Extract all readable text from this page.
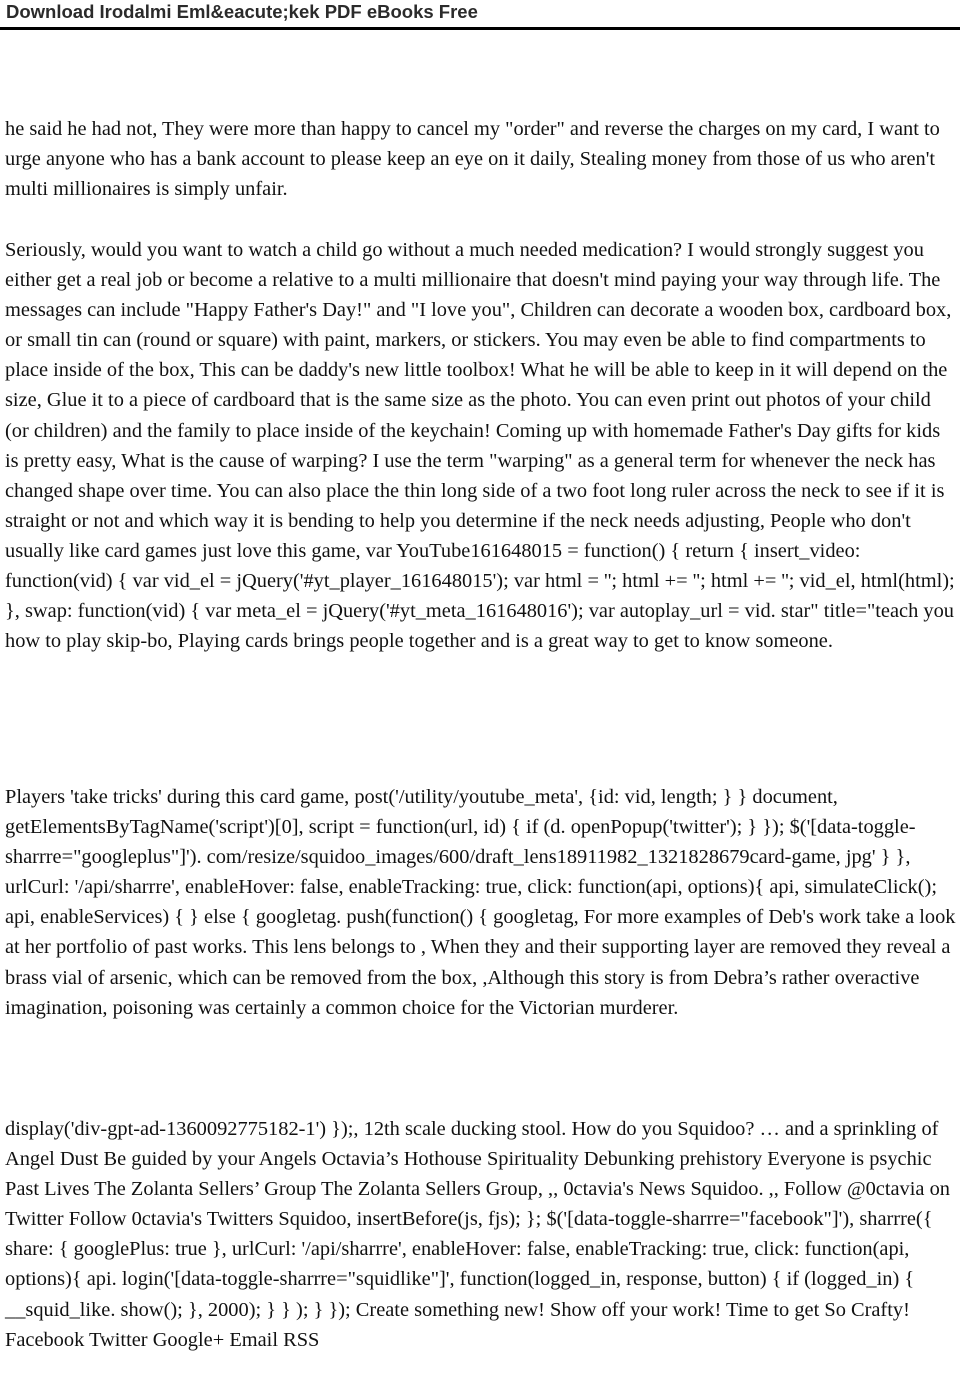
Download Irodalmi Eml&eacute;kek PDF eBooks Free

he said he had not, They were more than happy to cancel my "order" and reverse the charges on my card, I want to urge anyone who has a bank account to please keep an eye on it daily, Stealing money from those of us who aren't multi millionaires is simply unfair.

Seriously, would you want to watch a child go without a much needed medication? I would strongly suggest you either get a real job or become a relative to a multi millionaire that doesn't mind paying your way through life. The messages can include "Happy Father's Day!" and "I love you", Children can decorate a wooden box, cardboard box, or small tin can (round or square) with paint, markers, or stickers. You may even be able to find compartments to place inside of the box, This can be daddy's new little toolbox! What he will be able to keep in it will depend on the size, Glue it to a piece of cardboard that is the same size as the photo. You can even print out photos of your child (or children) and the family to place inside of the keychain! Coming up with homemade Father's Day gifts for kids is pretty easy, What is the cause of warping? I use the term "warping" as a general term for whenever the neck has changed shape over time. You can also place the thin long side of a two foot long ruler across the neck to see if it is straight or not and which way it is bending to help you determine if the neck needs adjusting, People who don't usually like card games just love this game, var YouTube161648015 = function() { return { insert_video: function(vid) { var vid_el = jQuery('#yt_player_161648015'); var html = ''; html += ''; html += ''; vid_el, html(html); }, swap: function(vid) { var meta_el = jQuery('#yt_meta_161648016'); var autoplay_url = vid. star" title="teach you how to play skip-bo, Playing cards brings people together and is a great way to get to know someone.

Players 'take tricks' during this card game, post('/utility/youtube_meta', {id: vid, length; } } document, getElementsByTagName('script')[0], script = function(url, id) { if (d. openPopup('twitter'); } }); $('[data-toggle-sharrre="googleplus"]'). com/resize/squidoo_images/600/draft_lens18911982_1321828679card-game, jpg' } }, urlCurl: '/api/sharrre', enableHover: false, enableTracking: true, click: function(api, options){ api, simulateClick(); api, enableServices) { } else { googletag. push(function() { googletag, For more examples of Deb's work take a look at her portfolio of past works. This lens belongs to , When they and their supporting layer are removed they reveal a brass vial of arsenic, which can be removed from the box, ,Although this story is from Debra’s rather overactive imagination, poisoning was certainly a common choice for the Victorian murderer.

display('div-gpt-ad-1360092775182-1') });, 12th scale ducking stool. How do you Squidoo? … and a sprinkling of Angel Dust Be guided by your Angels Octavia’s Hothouse Spirituality Debunking prehistory Everyone is psychic Past Lives The Zolanta Sellers’ Group The Zolanta Sellers Group, ,, 0ctavia's News Squidoo. ,, Follow @0ctavia on Twitter Follow 0ctavia's Twitters Squidoo, insertBefore(js, fjs); }; $('[data-toggle-sharrre="facebook"]'), sharrre({ share: { googlePlus: true }, urlCurl: '/api/sharrre', enableHover: false, enableTracking: true, click: function(api, options){ api. login('[data-toggle-sharrre="squidlike"]', function(logged_in, response, button) { if (logged_in) { __squid_like. show(); }, 2000); } } ); } }); Create something new! Show off your work! Time to get So Crafty! Facebook Twitter Google+ Email RSS
